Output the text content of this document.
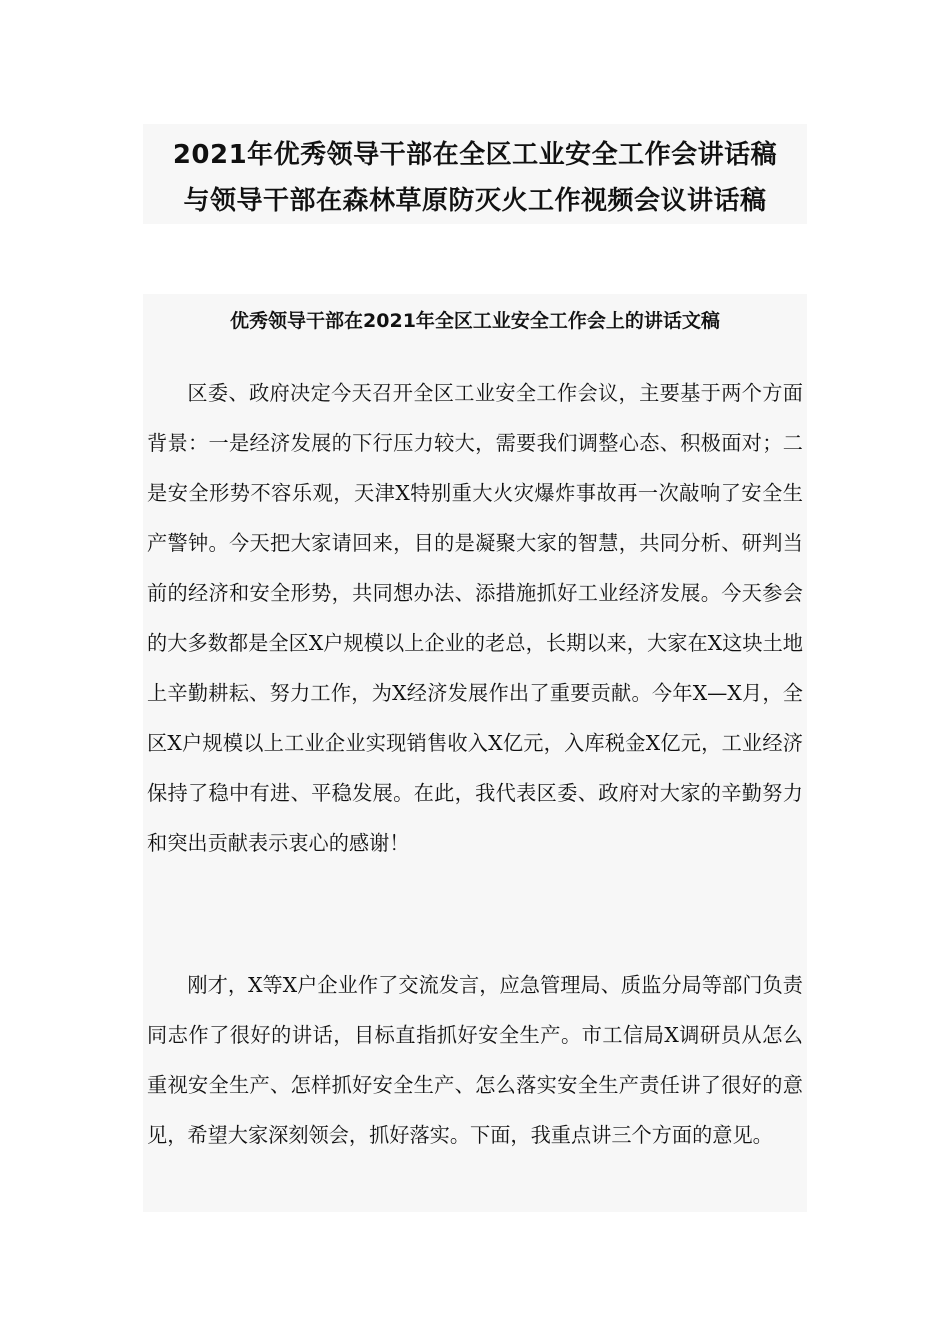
2021年优秀领导干部在全区工业安全工作会讲话稿
与领导干部在森林草原防灭火工作视频会议讲话稿
优秀领导干部在2021年全区工业安全工作会上的讲话文稿

区委、政府决定今天召开全区工业安全工作会议，主要基于两个方面背景：一是经济发展的下行压力较大，需要我们调整心态、积极面对；二是安全形势不容乐观，天津X特别重大火灾爆炸事故再一次敲响了安全生产警钟。今天把大家请回来，目的是凝聚大家的智慧，共同分析、研判当前的经济和安全形势，共同想办法、添措施抓好工业经济发展。今天参会的大多数都是全区X户规模以上企业的老总，长期以来，大家在X这块土地上辛勤耕耘、努力工作，为X经济发展作出了重要贡献。今年X—X月，全区X户规模以上工业企业实现销售收入X亿元，入库税金X亿元，工业经济保持了稳中有进、平稳发展。在此，我代表区委、政府对大家的辛勤努力和突出贡献表示衷心的感谢！

刚才，X等X户企业作了交流发言，应急管理局、质监分局等部门负责同志作了很好的讲话，目标直指抓好安全生产。市工信局X调研员从怎么重视安全生产、怎样抓好安全生产、怎么落实安全生产责任讲了很好的意见，希望大家深刻领会，抓好落实。下面，我重点讲三个方面的意见。
